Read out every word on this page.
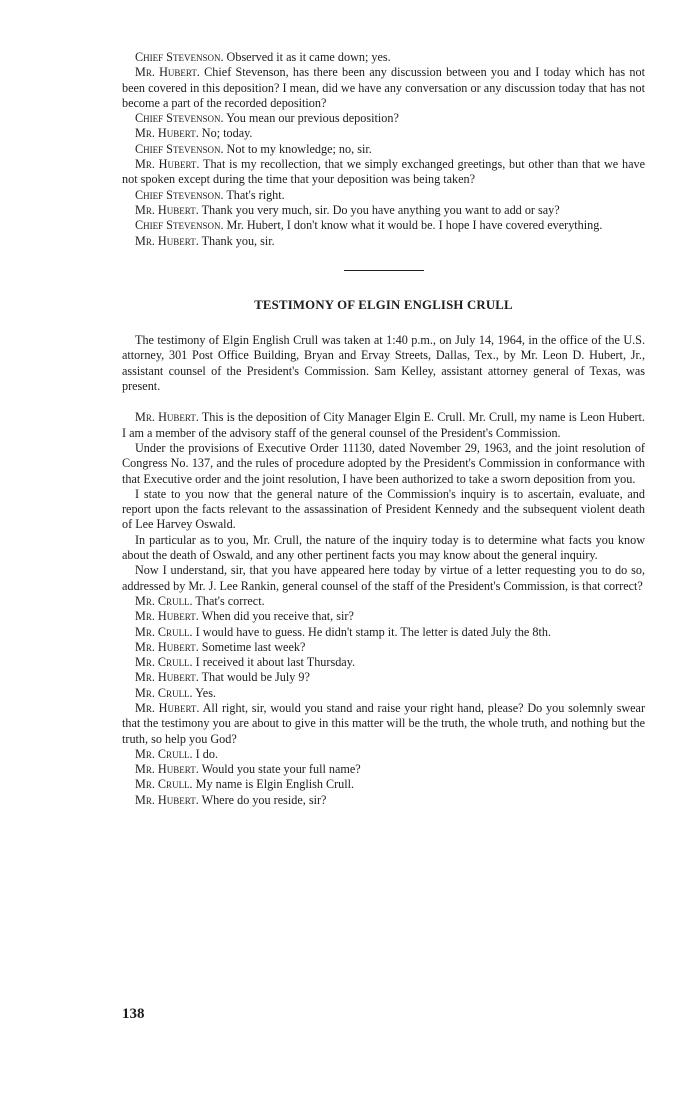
Chief Stevenson. Observed it as it came down; yes.

Mr. Hubert. Chief Stevenson, has there been any discussion between you and I today which has not been covered in this deposition? I mean, did we have any conversation or any discussion today that has not become a part of the recorded deposition?

Chief Stevenson. You mean our previous deposition?

Mr. Hubert. No; today.

Chief Stevenson. Not to my knowledge; no, sir.

Mr. Hubert. That is my recollection, that we simply exchanged greetings, but other than that we have not spoken except during the time that your deposition was being taken?

Chief Stevenson. That's right.

Mr. Hubert. Thank you very much, sir. Do you have anything you want to add or say?

Chief Stevenson. Mr. Hubert, I don't know what it would be. I hope I have covered everything.

Mr. Hubert. Thank you, sir.

TESTIMONY OF ELGIN ENGLISH CRULL

The testimony of Elgin English Crull was taken at 1:40 p.m., on July 14, 1964, in the office of the U.S. attorney, 301 Post Office Building, Bryan and Ervay Streets, Dallas, Tex., by Mr. Leon D. Hubert, Jr., assistant counsel of the President's Commission. Sam Kelley, assistant attorney general of Texas, was present.

Mr. Hubert. This is the deposition of City Manager Elgin E. Crull. Mr. Crull, my name is Leon Hubert. I am a member of the advisory staff of the general counsel of the President's Commission.

Under the provisions of Executive Order 11130, dated November 29, 1963, and the joint resolution of Congress No. 137, and the rules of procedure adopted by the President's Commission in conformance with that Executive order and the joint resolution, I have been authorized to take a sworn deposition from you.

I state to you now that the general nature of the Commission's inquiry is to ascertain, evaluate, and report upon the facts relevant to the assassination of President Kennedy and the subsequent violent death of Lee Harvey Oswald.

In particular as to you, Mr. Crull, the nature of the inquiry today is to determine what facts you know about the death of Oswald, and any other pertinent facts you may know about the general inquiry.

Now I understand, sir, that you have appeared here today by virtue of a letter requesting you to do so, addressed by Mr. J. Lee Rankin, general counsel of the staff of the President's Commission, is that correct?

Mr. Crull. That's correct.

Mr. Hubert. When did you receive that, sir?

Mr. Crull. I would have to guess. He didn't stamp it. The letter is dated July the 8th.

Mr. Hubert. Sometime last week?

Mr. Crull. I received it about last Thursday.

Mr. Hubert. That would be July 9?

Mr. Crull. Yes.

Mr. Hubert. All right, sir, would you stand and raise your right hand, please? Do you solemnly swear that the testimony you are about to give in this matter will be the truth, the whole truth, and nothing but the truth, so help you God?

Mr. Crull. I do.

Mr. Hubert. Would you state your full name?

Mr. Crull. My name is Elgin English Crull.

Mr. Hubert. Where do you reside, sir?

138
